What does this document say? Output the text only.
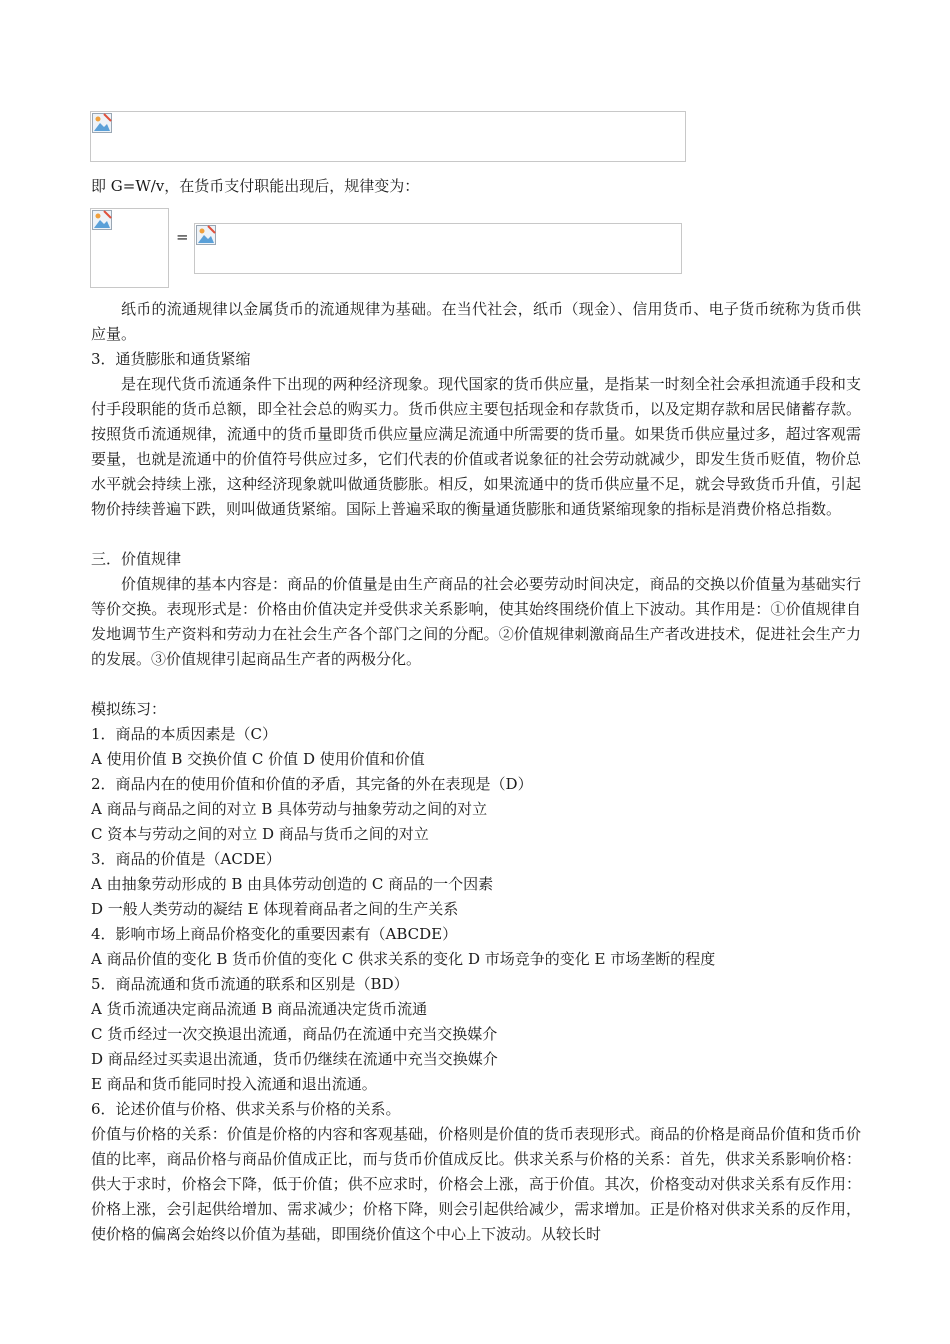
即 G=W/v，在货币支付职能出现后，规律变为：
=
纸币的流通规律以金属货币的流通规律为基础。在当代社会，纸币（现金）、信用货币、电子货币统称为货币供应量。
3．通货膨胀和通货紧缩
是在现代货币流通条件下出现的两种经济现象。现代国家的货币供应量，是指某一时刻全社会承担流通手段和支付手段职能的货币总额，即全社会总的购买力。货币供应主要包括现金和存款货币，以及定期存款和居民储蓄存款。按照货币流通规律，流通中的货币量即货币供应量应满足流通中所需要的货币量。如果货币供应量过多，超过客观需要量，也就是流通中的价值符号供应过多，它们代表的价值或者说象征的社会劳动就减少，即发生货币贬值，物价总水平就会持续上涨，这种经济现象就叫做通货膨胀。相反，如果流通中的货币供应量不足，就会导致货币升值，引起物价持续普遍下跌，则叫做通货紧缩。国际上普遍采取的衡量通货膨胀和通货紧缩现象的指标是消费价格总指数。
三．价值规律
价值规律的基本内容是：商品的价值量是由生产商品的社会必要劳动时间决定，商品的交换以价值量为基础实行等价交换。表现形式是：价格由价值决定并受供求关系影响，使其始终围绕价值上下波动。其作用是：①价值规律自发地调节生产资料和劳动力在社会生产各个部门之间的分配。②价值规律刺激商品生产者改进技术，促进社会生产力的发展。③价值规律引起商品生产者的两极分化。
模拟练习：
1．商品的本质因素是（C）
A 使用价值 B 交换价值 C 价值 D 使用价值和价值
2．商品内在的使用价值和价值的矛盾，其完备的外在表现是（D）
A 商品与商品之间的对立 B 具体劳动与抽象劳动之间的对立
C 资本与劳动之间的对立 D 商品与货币之间的对立
3．商品的价值是（ACDE）
A 由抽象劳动形成的 B 由具体劳动创造的 C 商品的一个因素
D 一般人类劳动的凝结 E 体现着商品者之间的生产关系
4．影响市场上商品价格变化的重要因素有（ABCDE）
A 商品价值的变化 B 货币价值的变化 C 供求关系的变化 D 市场竞争的变化 E 市场垄断的程度
5．商品流通和货币流通的联系和区别是（BD）
A 货币流通决定商品流通 B 商品流通决定货币流通
C 货币经过一次交换退出流通，商品仍在流通中充当交换媒介
D 商品经过买卖退出流通，货币仍继续在流通中充当交换媒介
E 商品和货币能同时投入流通和退出流通。
6．论述价值与价格、供求关系与价格的关系。
价值与价格的关系：价值是价格的内容和客观基础，价格则是价值的货币表现形式。商品的价格是商品价值和货币价值的比率，商品价格与商品价值成正比，而与货币价值成反比。供求关系与价格的关系：首先，供求关系影响价格：供大于求时，价格会下降，低于价值；供不应求时，价格会上涨，高于价值。其次，价格变动对供求关系有反作用：价格上涨，会引起供给增加、需求减少；价格下降，则会引起供给减少，需求增加。正是价格对供求关系的反作用，使价格的偏离会始终以价值为基础，即围绕价值这个中心上下波动。从较长时
